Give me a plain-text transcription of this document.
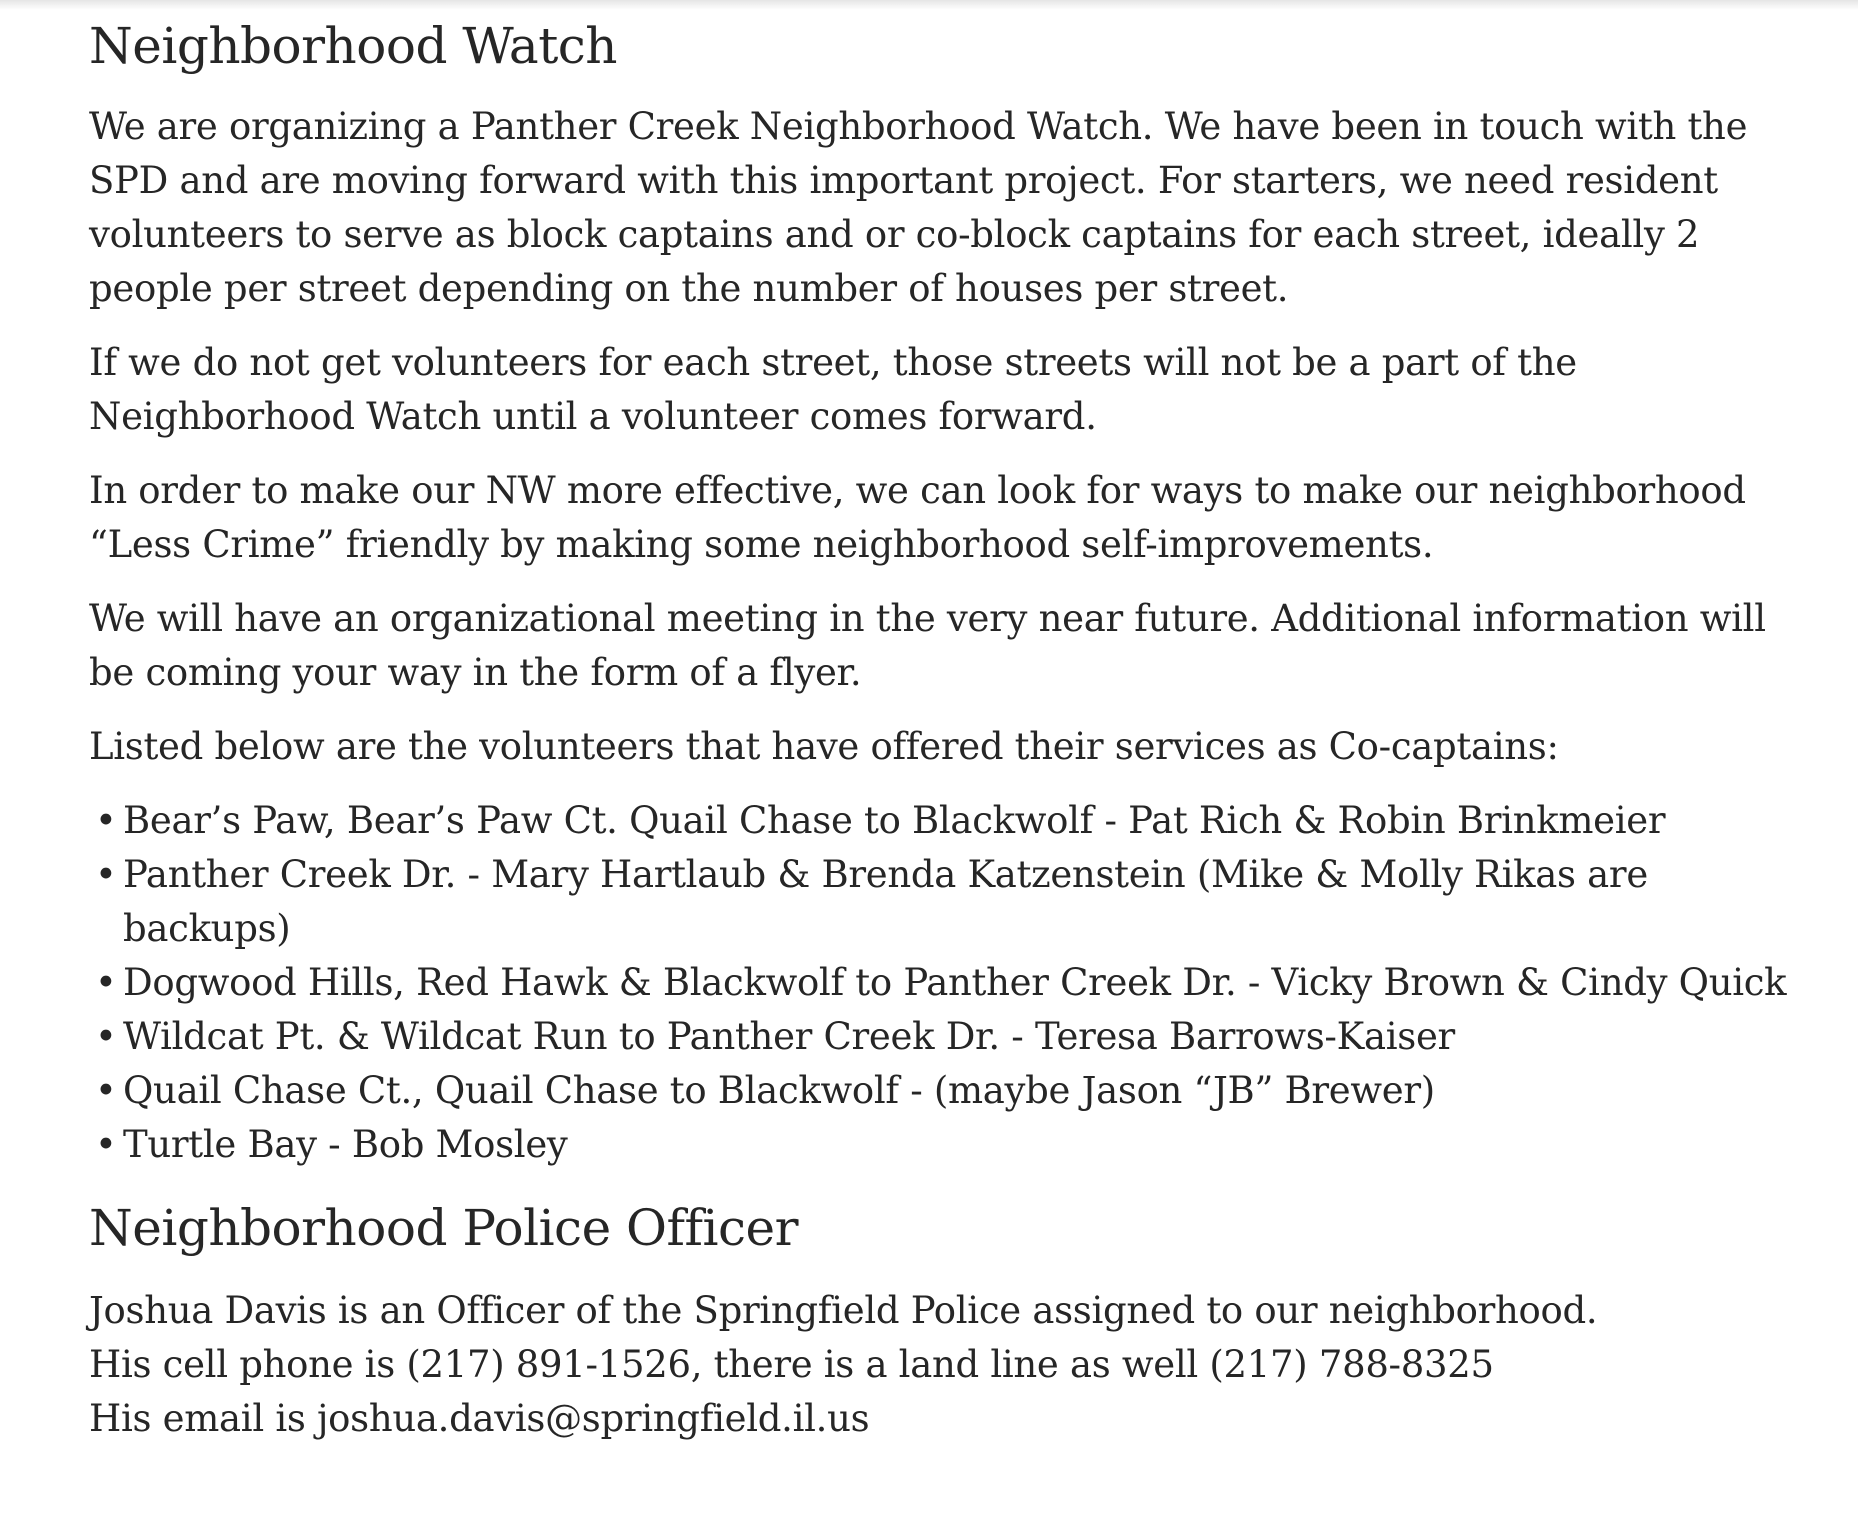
Neighborhood Watch

We are organizing a Panther Creek Neighborhood Watch. We have been in touch with the SPD and are moving forward with this important project. For starters, we need resident volunteers to serve as block captains and or co-block captains for each street, ideally 2 people per street depending on the number of houses per street.

If we do not get volunteers for each street, those streets will not be a part of the Neighborhood Watch until a volunteer comes forward.

In order to make our NW more effective, we can look for ways to make our neighborhood “Less Crime” friendly by making some neighborhood self-improvements.

We will have an organizational meeting in the very near future. Additional information will be coming your way in the form of a flyer.

Listed below are the volunteers that have offered their services as Co-captains:

• Bear’s Paw, Bear’s Paw Ct. Quail Chase to Blackwolf - Pat Rich & Robin Brinkmeier
• Panther Creek Dr. - Mary Hartlaub & Brenda Katzenstein (Mike & Molly Rikas are backups)
• Dogwood Hills, Red Hawk & Blackwolf to Panther Creek Dr. - Vicky Brown & Cindy Quick
• Wildcat Pt. & Wildcat Run to Panther Creek Dr. - Teresa Barrows-Kaiser
• Quail Chase Ct., Quail Chase to Blackwolf - (maybe Jason “JB” Brewer)
• Turtle Bay - Bob Mosley
Neighborhood Police Officer

Joshua Davis is an Officer of the Springfield Police assigned to our neighborhood.

His cell phone is (217) 891-1526, there is a land line as well (217) 788-8325

His email is joshua.davis@springfield.il.us
